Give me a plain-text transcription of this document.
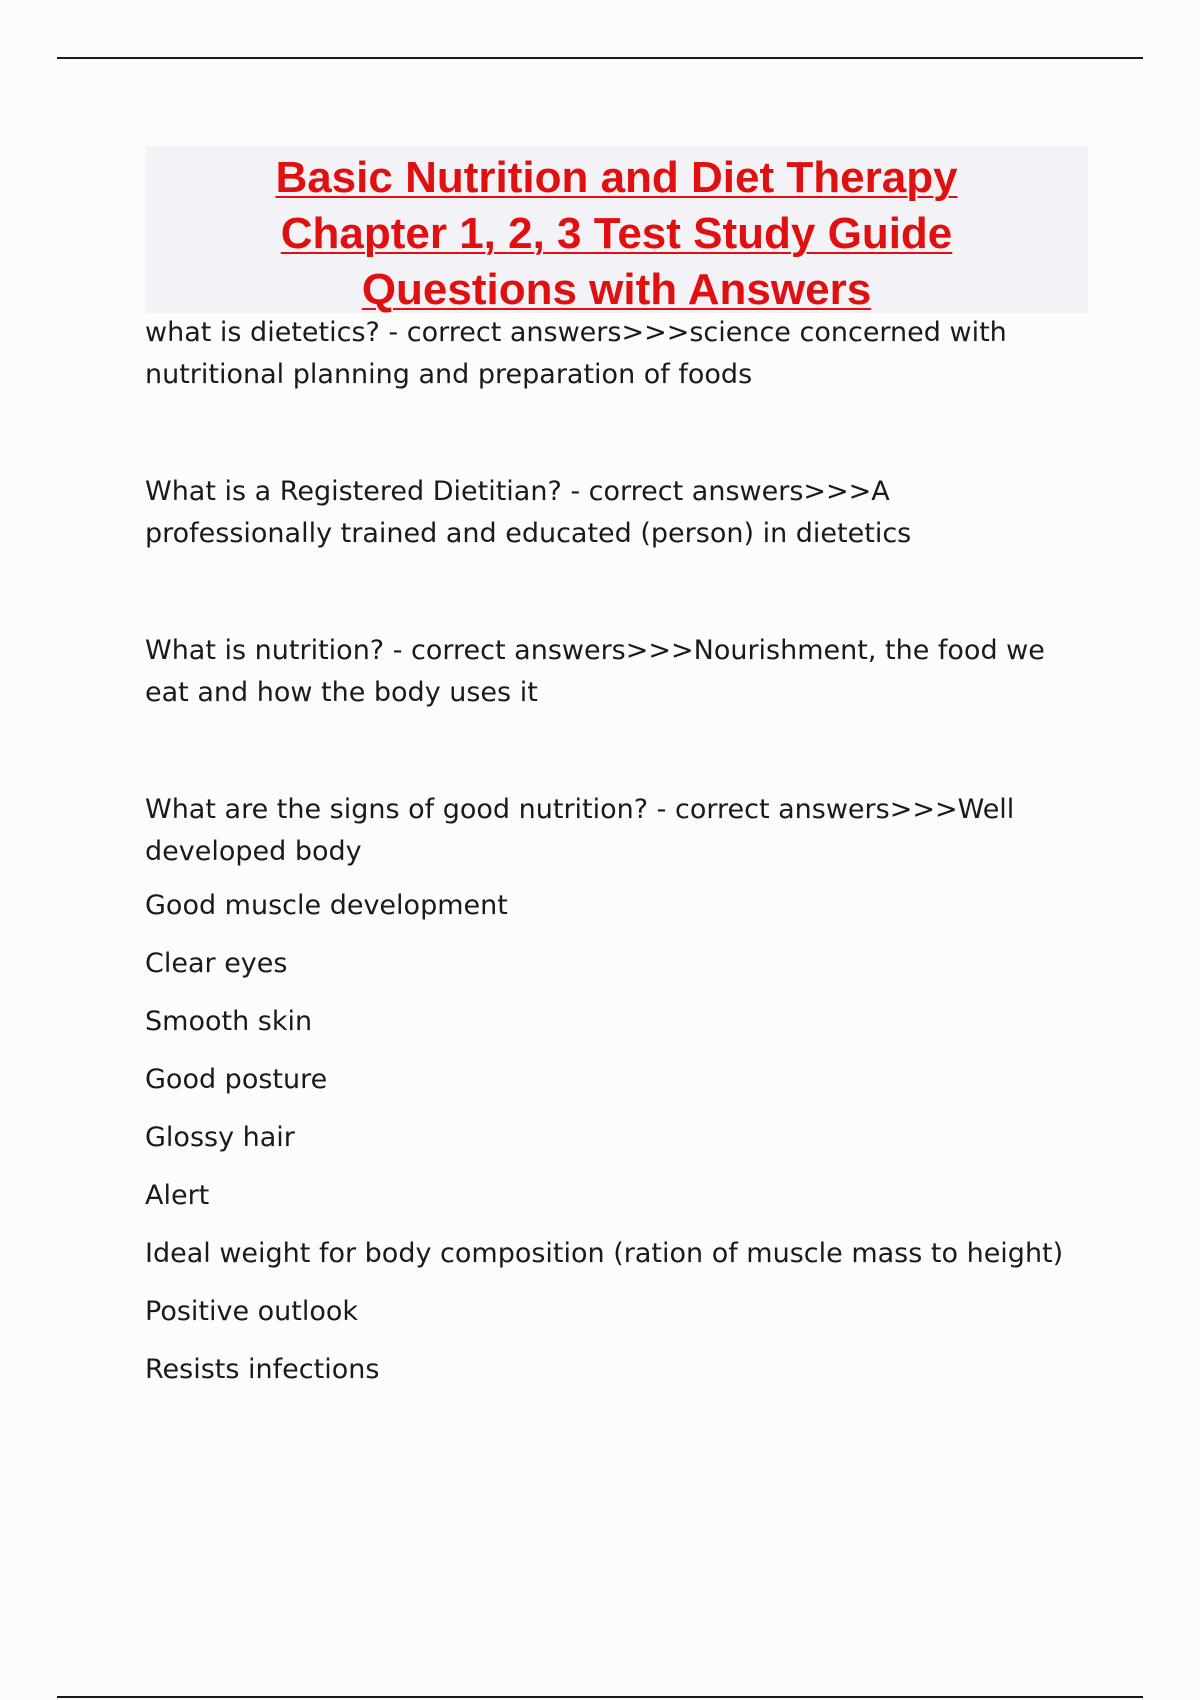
Basic Nutrition and Diet Therapy
Chapter 1, 2, 3 Test Study Guide
Questions with Answers

what is dietetics? - correct answers>>>science concerned with nutritional planning and preparation of foods

What is a Registered Dietitian? - correct answers>>>A professionally trained and educated (person) in dietetics

What is nutrition? - correct answers>>>Nourishment, the food we eat and how the body uses it

What are the signs of good nutrition? - correct answers>>>Well developed body

Good muscle development

Clear eyes

Smooth skin

Good posture

Glossy hair

Alert

Ideal weight for body composition (ration of muscle mass to height)

Positive outlook

Resists infections
